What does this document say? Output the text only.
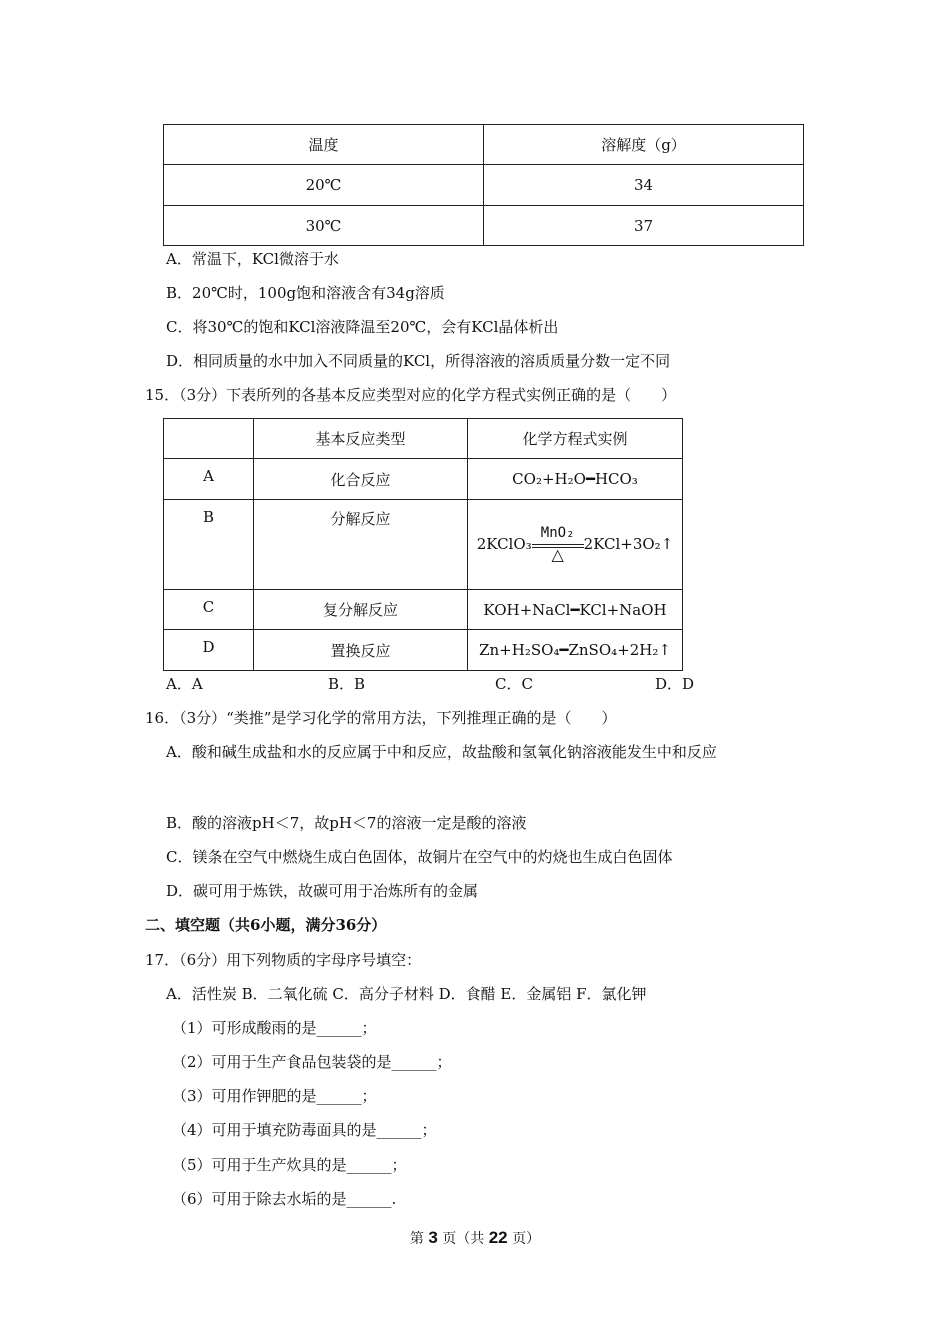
温度	溶解度（g）
20℃	34
30℃	37
A．常温下，KCl微溶于水
B．20℃时，100g饱和溶液含有34g溶质
C．将30℃的饱和KCl溶液降温至20℃，会有KCl晶体析出
D．相同质量的水中加入不同质量的KCl，所得溶液的溶质质量分数一定不同
15．（3分）下表所列的各基本反应类型对应的化学方程式实例正确的是（　　）
	基本反应类型	化学方程式实例
A	化合反应	CO₂+H₂O━HCO₃
B	分解反应	2KClO₃
MnO₂
△
2KCl+3O₂↑
C	复分解反应	KOH+NaCl━KCl+NaOH
D	置换反应	Zn+H₂SO₄━ZnSO₄+2H₂↑
A．A	B．B	C．C	D．D
16．（3分）“类推”是学习化学的常用方法，下列推理正确的是（　　）
A．酸和碱生成盐和水的反应属于中和反应，故盐酸和氢氧化钠溶液能发生中和反应
B．酸的溶液pH＜7，故pH＜7的溶液一定是酸的溶液
C．镁条在空气中燃烧生成白色固体，故铜片在空气中的灼烧也生成白色固体
D．碳可用于炼铁，故碳可用于冶炼所有的金属
二、填空题（共6小题，满分36分）
17．（6分）用下列物质的字母序号填空：
A．活性炭 B．二氧化硫 C．高分子材料 D．食醋 E．金属铝 F．氯化钾
（1）可形成酸雨的是______；
（2）可用于生产食品包装袋的是______；
（3）可用作钾肥的是______；
（4）可用于填充防毒面具的是______；
（5）可用于生产炊具的是______；
（6）可用于除去水垢的是______.
第 3 页（共 22 页）
